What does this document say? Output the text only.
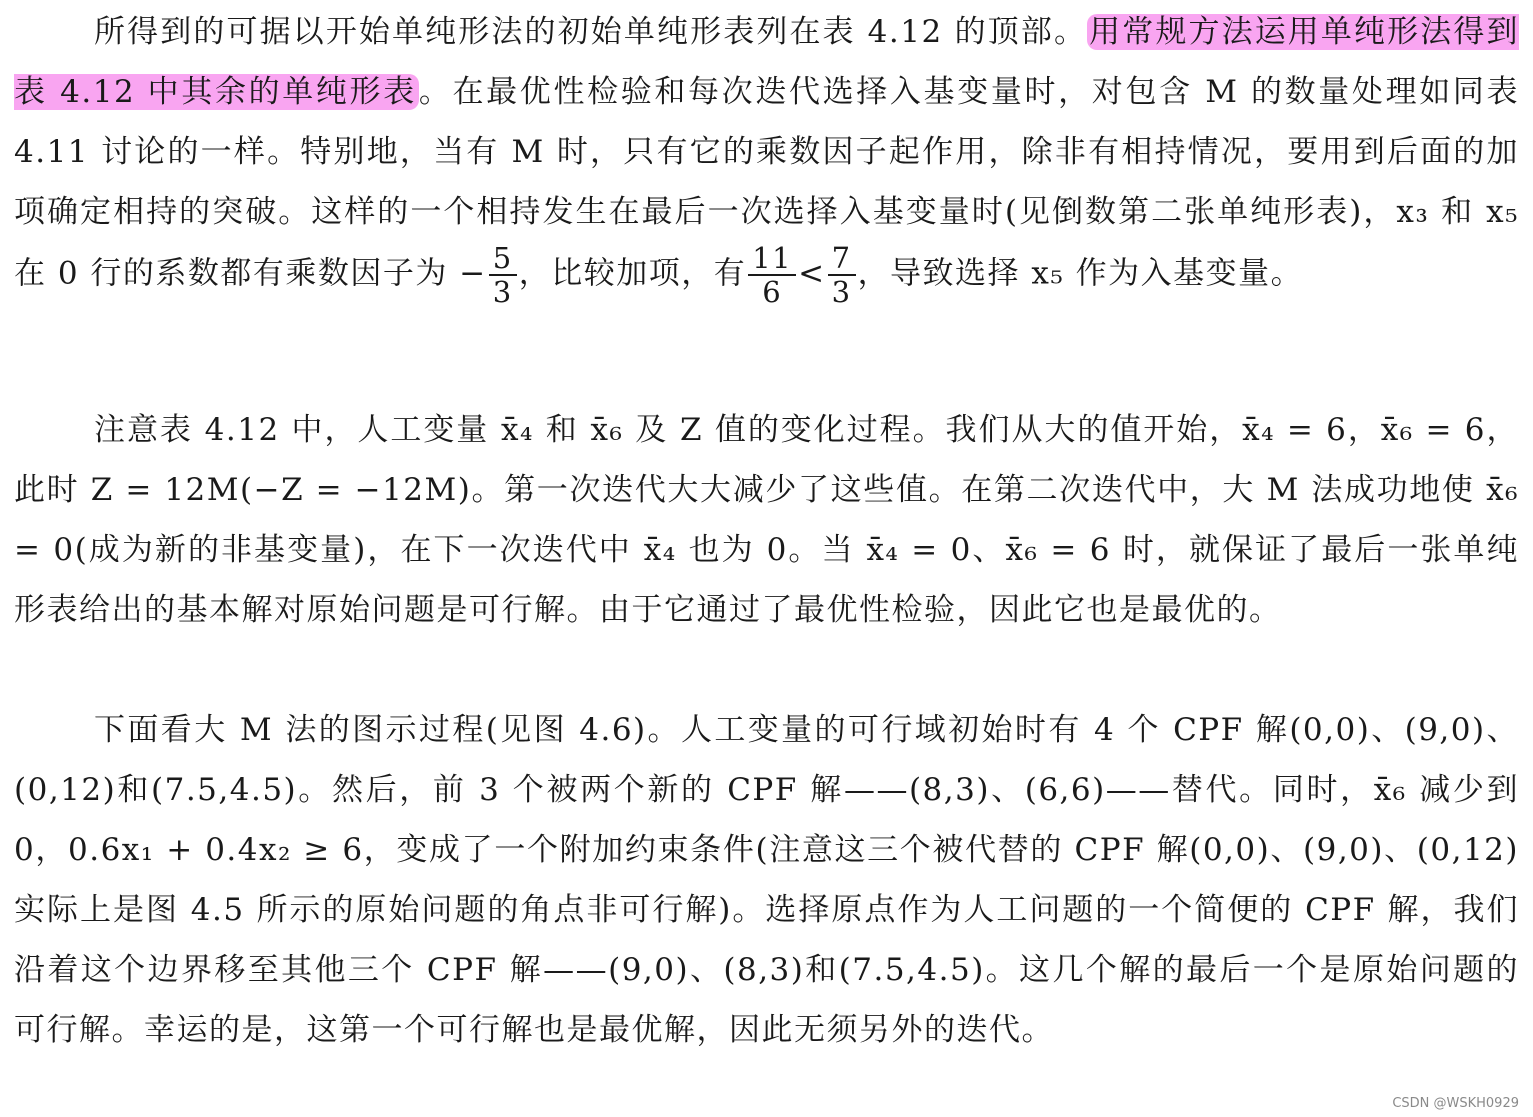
所得到的可据以开始单纯形法的初始单纯形表列在表 4.12 的顶部。用常规方法运用单纯形法得到表 4.12 中其余的单纯形表。在最优性检验和每次迭代选择入基变量时，对包含 M 的数量处理如同表 4.11 讨论的一样。特别地，当有 M 时，只有它的乘数因子起作用，除非有相持情况，要用到后面的加项确定相持的突破。这样的一个相持发生在最后一次选择入基变量时(见倒数第二张单纯形表)，x₃ 和 x₅ 在 0 行的系数都有乘数因子为 − $\frac{5}{3}$ ，比较加项，有 $\frac{11}{6} < \frac{7}{3}$ ，导致选择 x₅ 作为入基变量。

注意表 4.12 中，人工变量 x̄₄ 和 x̄₆ 及 Z 值的变化过程。我们从大的值开始，x̄₄ = 6，x̄₆ = 6，此时 Z = 12M(−Z = −12M)。第一次迭代大大减少了这些值。在第二次迭代中，大 M 法成功地使 x̄₆ = 0(成为新的非基变量)，在下一次迭代中 x̄₄ 也为 0。当 x̄₄ = 0、x̄₆ = 6 时，就保证了最后一张单纯形表给出的基本解对原始问题是可行解。由于它通过了最优性检验，因此它也是最优的。

下面看大 M 法的图示过程(见图 4.6)。人工变量的可行域初始时有 4 个 CPF 解(0,0)、(9,0)、(0,12)和(7.5,4.5)。然后，前 3 个被两个新的 CPF 解——(8,3)、(6,6)——替代。同时，x̄₆ 减少到 0，0.6x₁ + 0.4x₂ ≥ 6，变成了一个附加约束条件(注意这三个被代替的 CPF 解(0,0)、(9,0)、(0,12)实际上是图 4.5 所示的原始问题的角点非可行解)。选择原点作为人工问题的一个简便的 CPF 解，我们沿着这个边界移至其他三个 CPF 解——(9,0)、(8,3)和(7.5,4.5)。这几个解的最后一个是原始问题的可行解。幸运的是，这第一个可行解也是最优解，因此无须另外的迭代。

CSDN @WSKH0929
